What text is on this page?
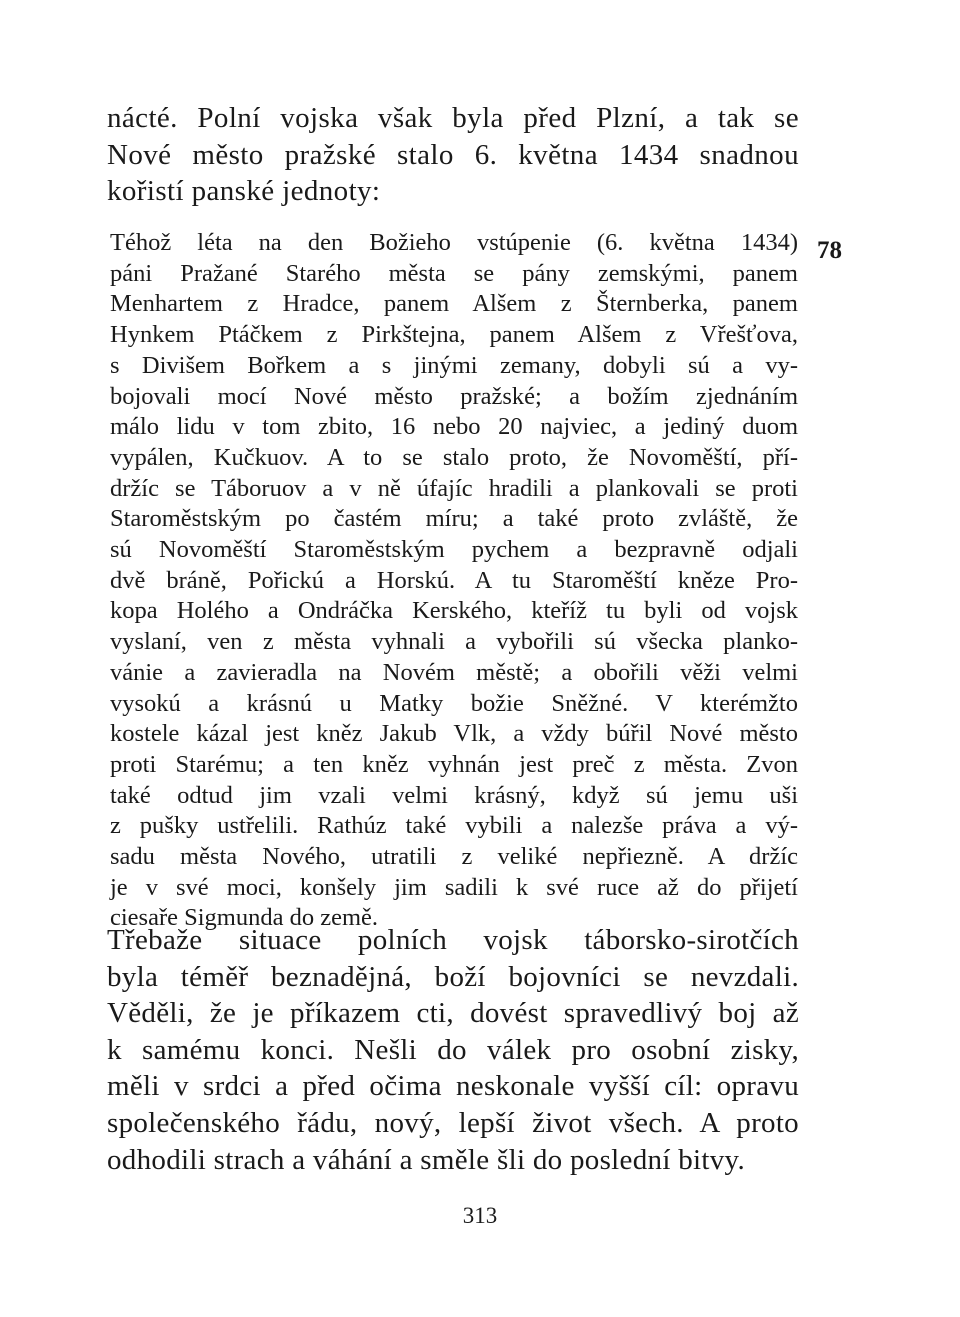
nácté. Polní vojska však byla před Plzní, a tak se
Nové město pražské stalo 6. května 1434 snadnou
kořistí panské jednoty:
Téhož léta na den Božieho vstúpenie (6. května 1434)
páni Pražané Starého města se pány zemskými, panem
Menhartem z Hradce, panem Alšem z Šternberka, panem
Hynkem Ptáčkem z Pirkštejna, panem Alšem z Vřešťova,
s Divišem Bořkem a s jinými zemany, dobyli sú a vy-
bojovali mocí Nové město pražské; a božím zjednáním
málo lidu v tom zbito, 16 nebo 20 najviec, a jediný duom
vypálen, Kučkuov. A to se stalo proto, že Novoměští, pří-
držíc se Táboruov a v ně úfajíc hradili a plankovali se proti
Staroměstským po častém míru; a také proto zvláště, že
sú Novoměští Staroměstským pychem a bezpravně odjali
dvě bráně, Pořickú a Horskú. A tu Staroměští kněze Pro-
kopa Holého a Ondráčka Kerského, kteříž tu byli od vojsk
vyslaní, ven z města vyhnali a vybořili sú všecka planko-
vánie a zavieradla na Novém městě; a obořili věži velmi
vysokú a krásnú u Matky božie Sněžné. V kterémžto
kostele kázal jest kněz Jakub Vlk, a vždy búřil Nové město
proti Starému; a ten kněz vyhnán jest preč z města. Zvon
také odtud jim vzali velmi krásný, když sú jemu uši
z pušky ustřelili. Rathúz také vybili a nalezše práva a vý-
sadu města Nového, utratili z veliké nepřiezně. A držíc
je v své moci, konšely jim sadili k své ruce až do přijetí
ciesaře Sigmunda do země.
78
Třebaže situace polních vojsk táborsko-sirotčích
byla téměř beznadějná, boží bojovníci se nevzdali.
Věděli, že je příkazem cti, dovést spravedlivý boj až
k samému konci. Nešli do válek pro osobní zisky,
měli v srdci a před očima neskonale vyšší cíl: opravu
společenského řádu, nový, lepší život všech. A proto
odhodili strach a váhání a směle šli do poslední bitvy.
313
